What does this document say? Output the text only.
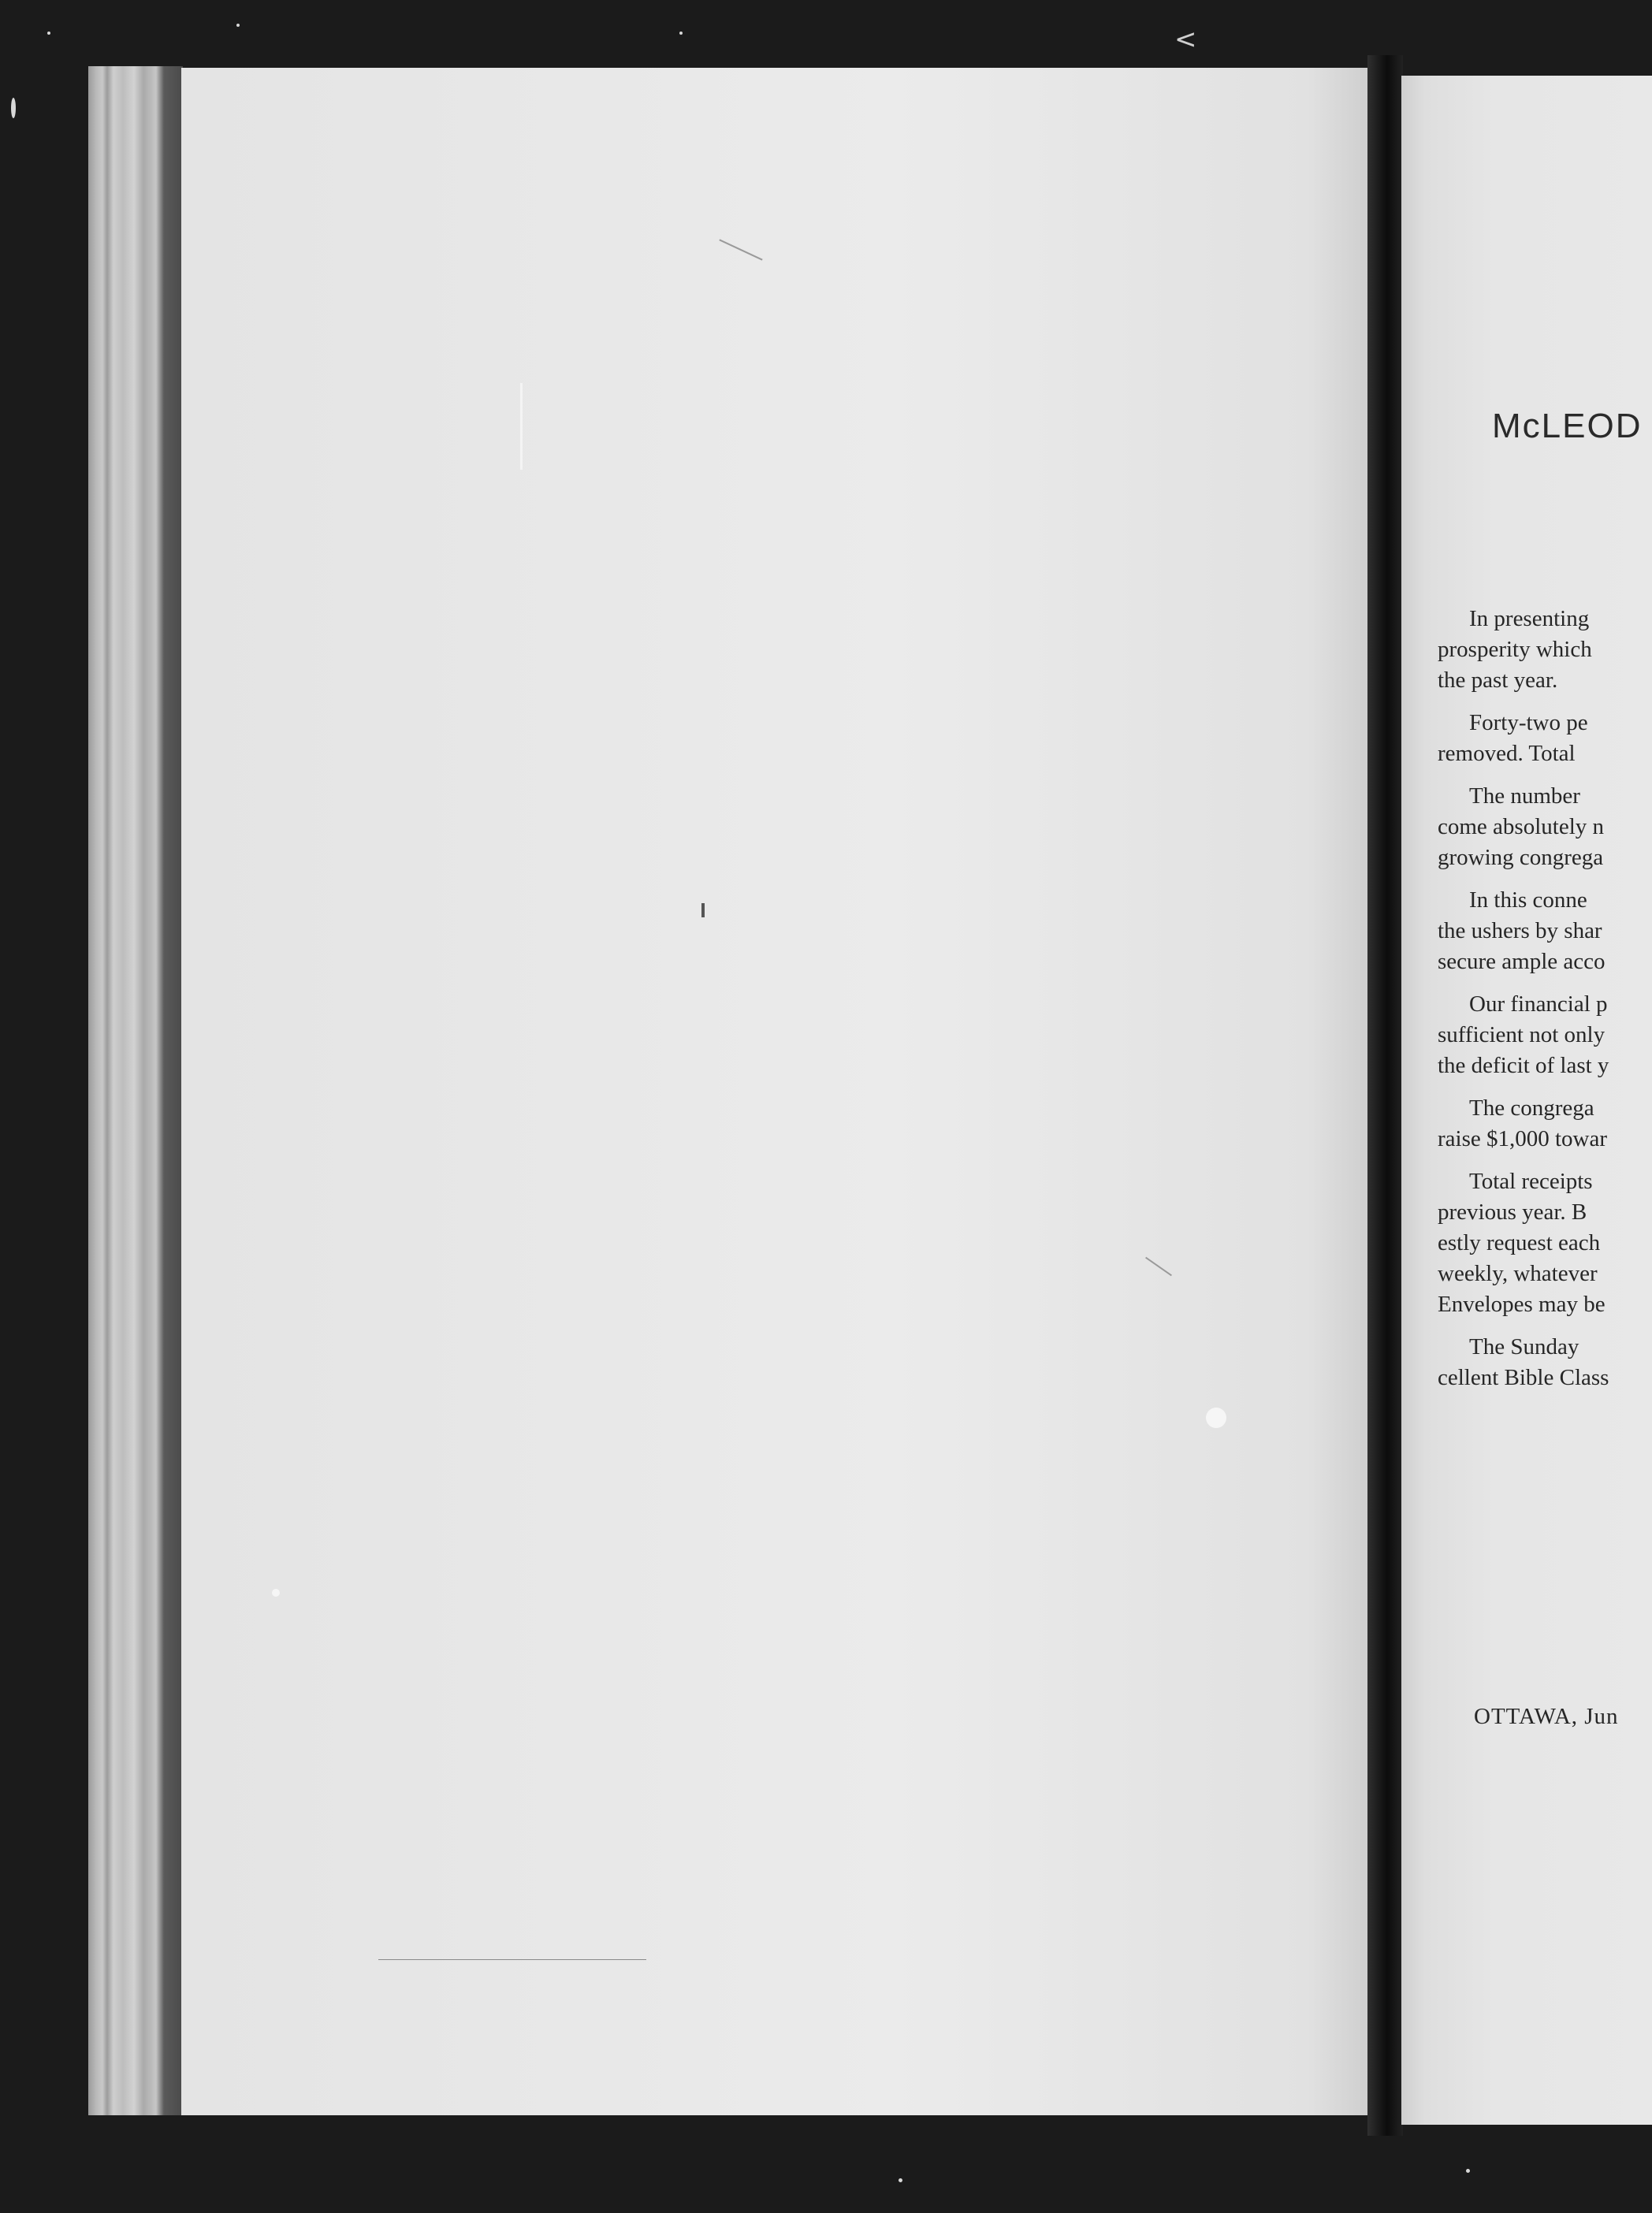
<
McLEOD

In presenting
prosperity which
the past year.

Forty-two pe
removed. Total

The number
come absolutely n
growing congrega

In this conne
the ushers by shar
secure ample acco

Our financial p
sufficient not only
the deficit of last y

The congrega
raise $1,000 towar

Total receipts
previous year. B
estly request each
weekly, whatever
Envelopes may be

The Sunday
cellent Bible Class

OTTAWA, Jun
